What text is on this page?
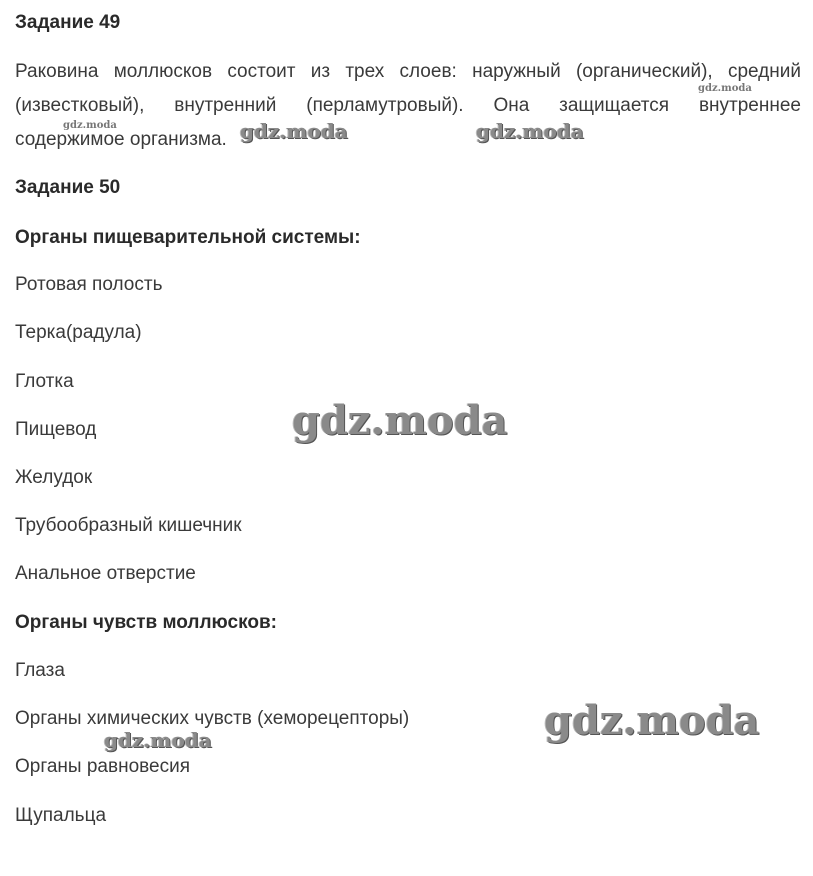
Задание 49
Раковина моллюсков состоит из трех слоев: наружный (органический), средний
(известковый), внутренний (перламутровый). Она защищается внутреннее
содержимое организма.
Задание 50
Органы пищеварительной системы:
Ротовая полость
Терка(радула)
Глотка
Пищевод
Желудок
Трубообразный кишечник
Анальное отверстие
Органы чувств моллюсков:
Глаза
Органы химических чувств (хеморецепторы)
Органы равновесия
Щупальца
gdz.moda
gdz.moda	gdz.moda	gdz.moda
gdz.moda
gdz.moda
gdz.moda
